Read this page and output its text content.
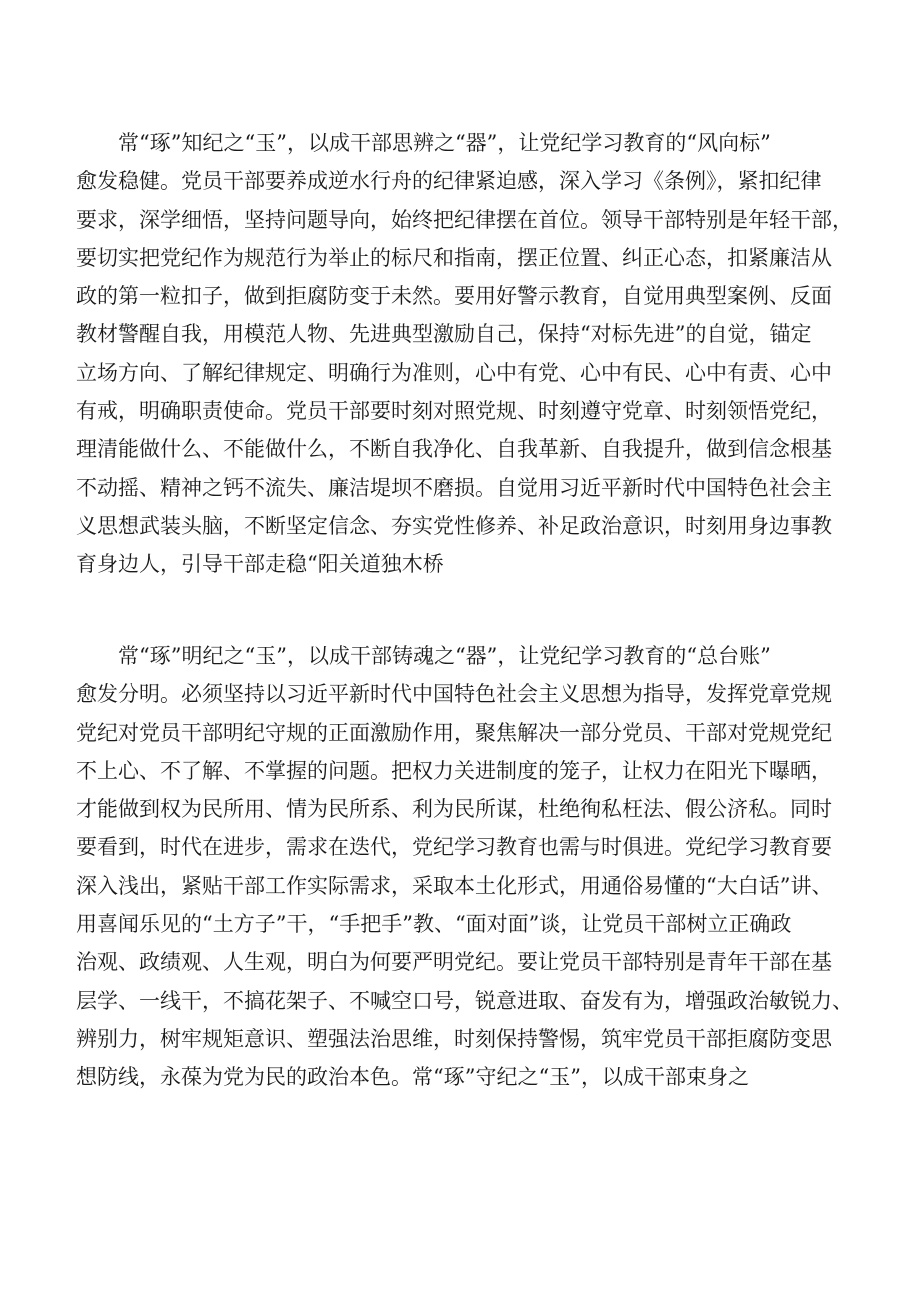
　　常“琢”知纪之“玉”，以成干部思辨之“器”，让党纪学习教育的“风向标”
愈发稳健。党员干部要养成逆水行舟的纪律紧迫感，深入学习《条例》，紧扣纪律
要求，深学细悟，坚持问题导向，始终把纪律摆在首位。领导干部特别是年轻干部，
要切实把党纪作为规范行为举止的标尺和指南，摆正位置、纠正心态，扣紧廉洁从
政的第一粒扣子，做到拒腐防变于未然。要用好警示教育，自觉用典型案例、反面
教材警醒自我，用模范人物、先进典型激励自己，保持“对标先进”的自觉，锚定
立场方向、了解纪律规定、明确行为准则，心中有党、心中有民、心中有责、心中
有戒，明确职责使命。党员干部要时刻对照党规、时刻遵守党章、时刻领悟党纪，
理清能做什么、不能做什么，不断自我净化、自我革新、自我提升，做到信念根基
不动摇、精神之钙不流失、廉洁堤坝不磨损。自觉用习近平新时代中国特色社会主
义思想武装头脑，不断坚定信念、夯实党性修养、补足政治意识，时刻用身边事教
育身边人，引导干部走稳“阳关道独木桥
　　常“琢”明纪之“玉”，以成干部铸魂之“器”，让党纪学习教育的“总台账”
愈发分明。必须坚持以习近平新时代中国特色社会主义思想为指导，发挥党章党规
党纪对党员干部明纪守规的正面激励作用，聚焦解决一部分党员、干部对党规党纪
不上心、不了解、不掌握的问题。把权力关进制度的笼子，让权力在阳光下曝晒，
才能做到权为民所用、情为民所系、利为民所谋，杜绝徇私枉法、假公济私。同时
要看到，时代在进步，需求在迭代，党纪学习教育也需与时俱进。党纪学习教育要
深入浅出，紧贴干部工作实际需求，采取本土化形式，用通俗易懂的“大白话”讲、
用喜闻乐见的“土方子”干，“手把手”教、“面对面”谈，让党员干部树立正确政
治观、政绩观、人生观，明白为何要严明党纪。要让党员干部特别是青年干部在基
层学、一线干，不搞花架子、不喊空口号，锐意进取、奋发有为，增强政治敏锐力、
辨别力，树牢规矩意识、塑强法治思维，时刻保持警惕，筑牢党员干部拒腐防变思
想防线，永葆为党为民的政治本色。常“琢”守纪之“玉”，以成干部束身之
